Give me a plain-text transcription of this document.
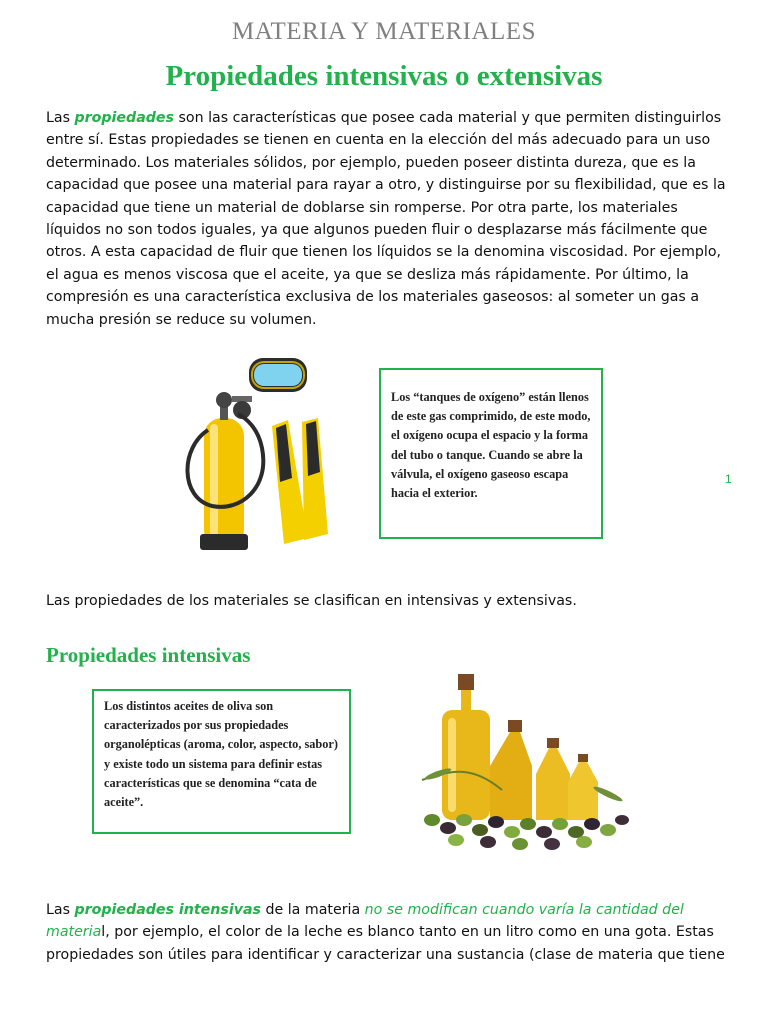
MATERIA Y MATERIALES
Propiedades intensivas o extensivas
Las propiedades son las características que posee cada material y que permiten distinguirlos entre sí. Estas propiedades se tienen en cuenta en la elección del más adecuado para un uso determinado. Los materiales sólidos, por ejemplo, pueden poseer distinta dureza, que es la capacidad que posee una material para rayar a otro, y distinguirse por su flexibilidad, que es la capacidad que tiene un material de doblarse sin romperse. Por otra parte, los materiales líquidos no son todos iguales, ya que algunos pueden fluir o desplazarse más fácilmente que otros. A esta capacidad de fluir que tienen los líquidos se la denomina viscosidad. Por ejemplo, el agua es menos viscosa que el aceite, ya que se desliza más rápidamente. Por último, la compresión es una característica exclusiva de los materiales gaseosos: al someter un gas a mucha presión se reduce su volumen.
Los “tanques de oxígeno” están llenos de este gas comprimido, de este modo, el oxígeno ocupa el espacio y la forma del tubo o tanque. Cuando se abre la válvula, el oxígeno gaseoso escapa hacia el exterior.
1
Las propiedades de los materiales se clasifican en intensivas y extensivas.
Propiedades intensivas
Los distintos aceites de oliva son caracterizados por sus propiedades organolépticas (aroma, color, aspecto, sabor) y existe todo un sistema para definir estas características que se denomina “cata de aceite”.
Las propiedades intensivas de la materia no se modifican cuando varía la cantidad del material, por ejemplo, el color de la leche es blanco tanto en un litro como en una gota. Estas propiedades son útiles para identificar y caracterizar una sustancia (clase de materia que tiene
